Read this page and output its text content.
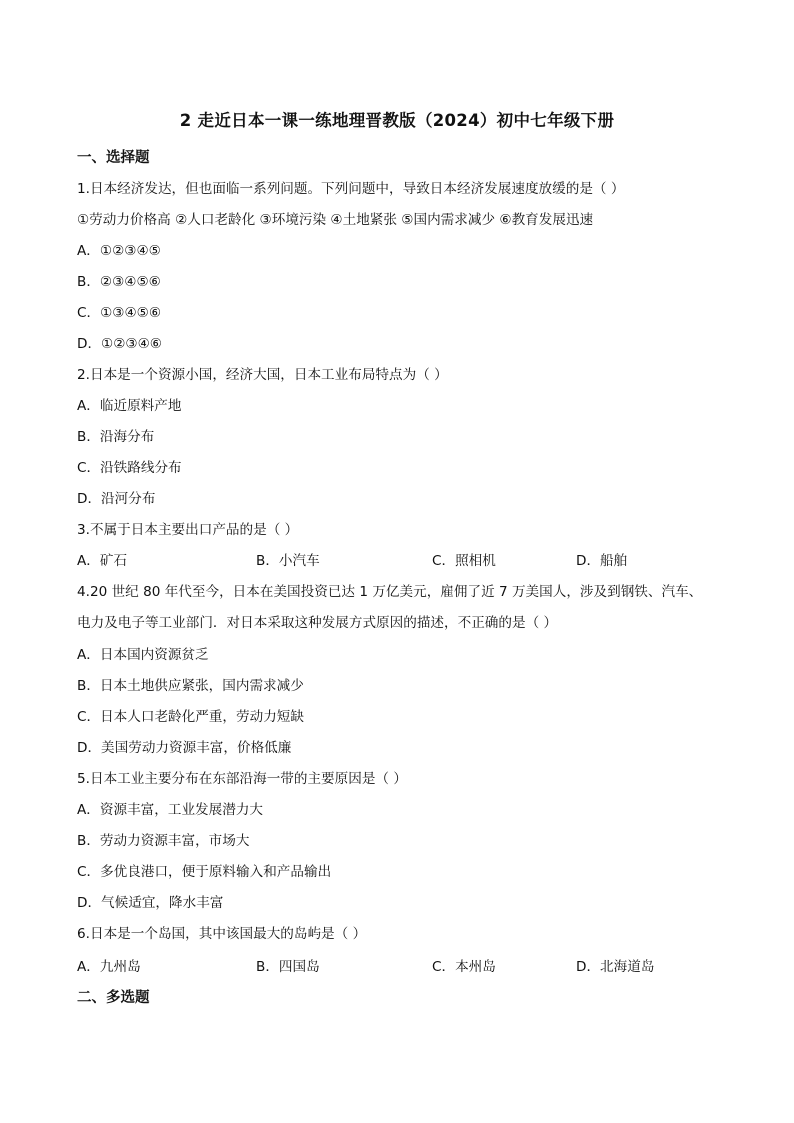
2 走近日本一课一练地理晋教版（2024）初中七年级下册
一、选择题
1.日本经济发达，但也面临一系列问题。下列问题中，导致日本经济发展速度放缓的是（ ）
①劳动力价格高 ②人口老龄化 ③环境污染 ④土地紧张 ⑤国内需求减少 ⑥教育发展迅速
A．①②③④⑤
B．②③④⑤⑥
C．①③④⑤⑥
D．①②③④⑥
2.日本是一个资源小国，经济大国，日本工业布局特点为（ ）
A．临近原料产地
B．沿海分布
C．沿铁路线分布
D．沿河分布
3.不属于日本主要出口产品的是（ ）
A．矿石	B．小汽车	C．照相机	D．船舶
4.20 世纪 80 年代至今，日本在美国投资已达 1 万亿美元，雇佣了近 7 万美国人，涉及到钢铁、汽车、
电力及电子等工业部门．对日本采取这种发展方式原因的描述，不正确的是（ ）
A．日本国内资源贫乏
B．日本土地供应紧张，国内需求减少
C．日本人口老龄化严重，劳动力短缺
D．美国劳动力资源丰富，价格低廉
5.日本工业主要分布在东部沿海一带的主要原因是（ ）
A．资源丰富，工业发展潜力大
B．劳动力资源丰富，市场大
C．多优良港口，便于原料输入和产品输出
D．气候适宜，降水丰富
6.日本是一个岛国，其中该国最大的岛屿是（ ）
A．九州岛	B．四国岛	C．本州岛	D．北海道岛
二、多选题
